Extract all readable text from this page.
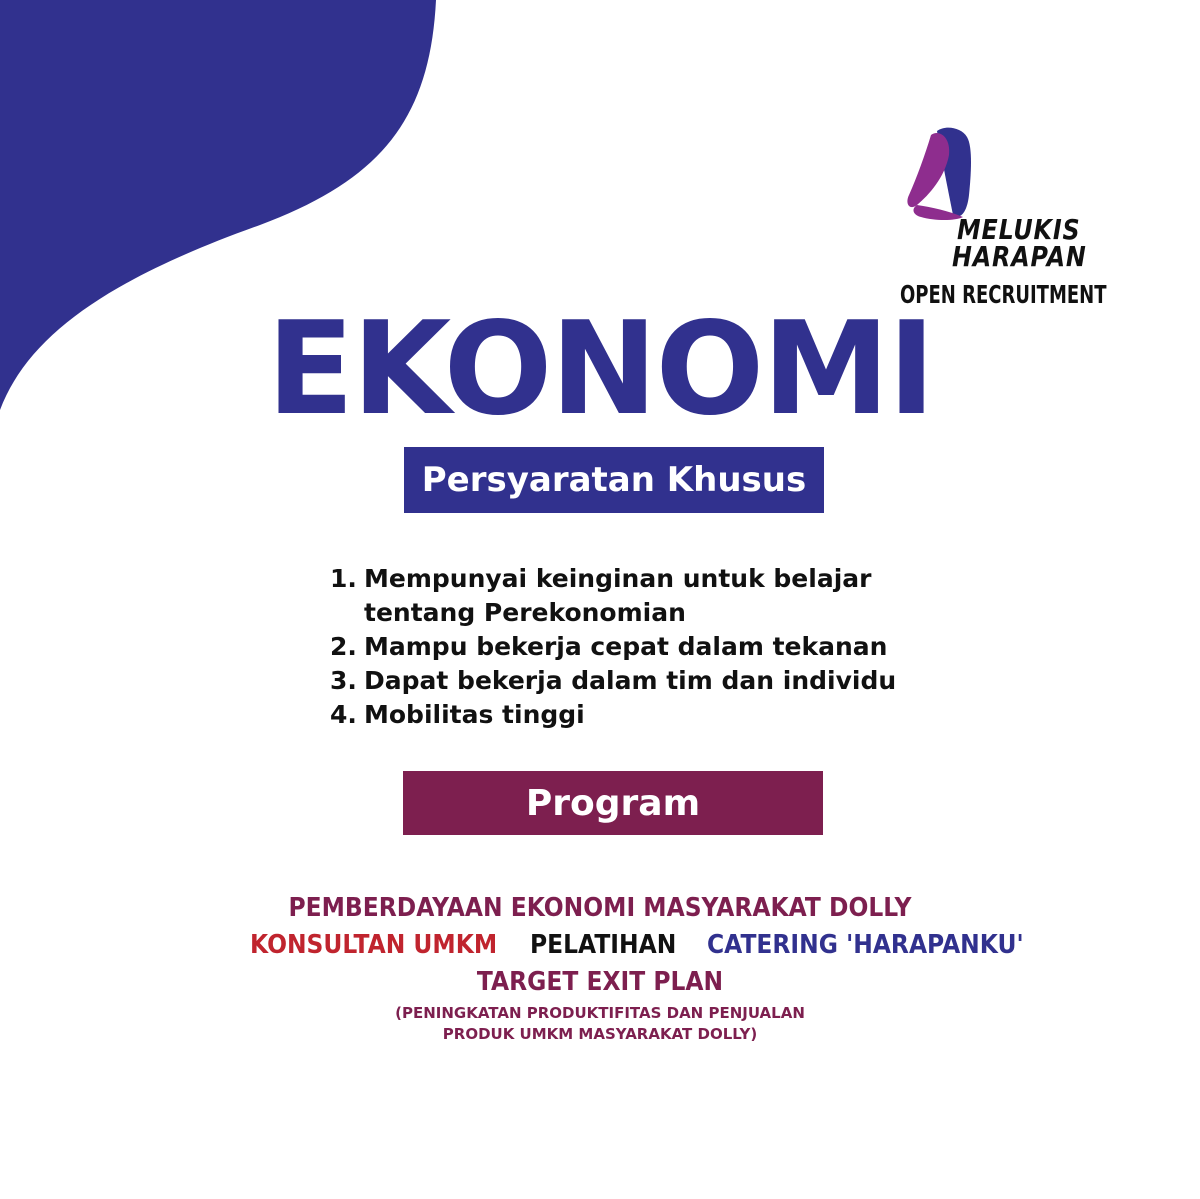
MELUKIS
HARAPAN
OPEN RECRUITMENT
EKONOMI
Persyaratan Khusus
1. Mempunyai keinginan untuk belajar tentang Perekonomian
2. Mampu bekerja cepat dalam tekanan
3. Dapat bekerja dalam tim dan individu
4. Mobilitas tinggi
Program
PEMBERDAYAAN EKONOMI MASYARAKAT DOLLY
KONSULTAN UMKM PELATIHAN CATERING 'HARAPANKU'
TARGET EXIT PLAN
(PENINGKATAN PRODUKTIFITAS DAN PENJUALAN
PRODUK UMKM MASYARAKAT DOLLY)
